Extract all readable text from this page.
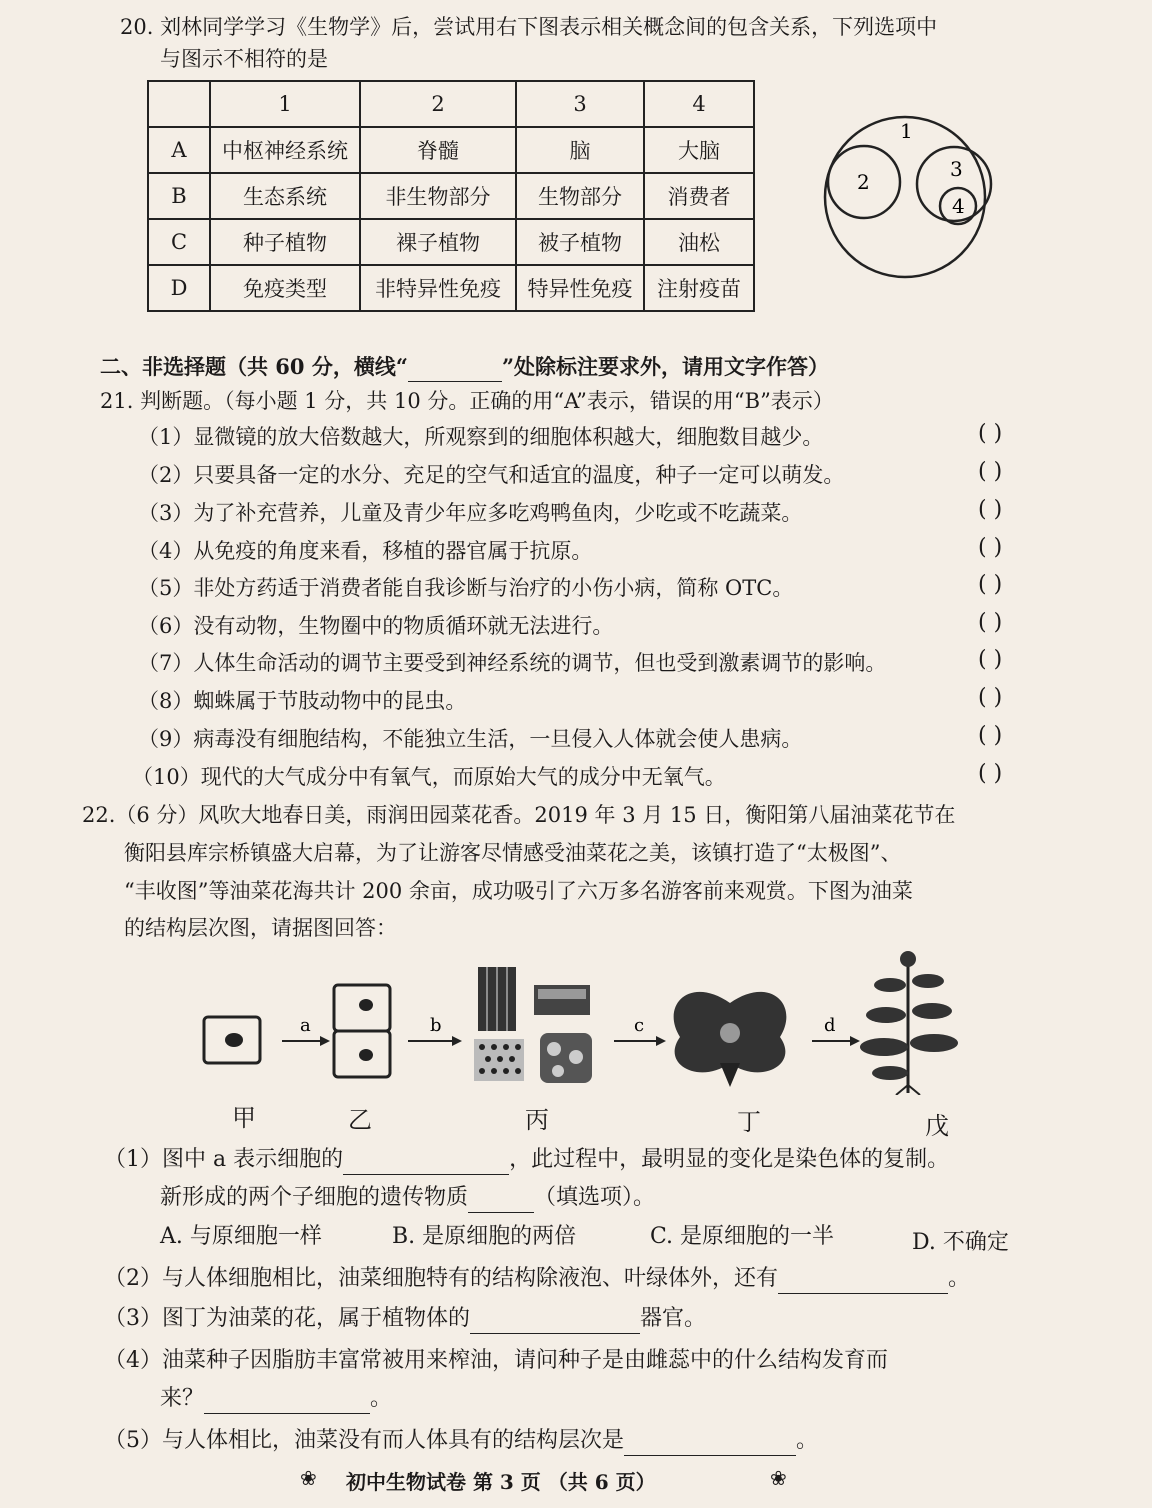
20. 刘林同学学习《生物学》后，尝试用右下图表示相关概念间的包含关系，下列选项中
与图示不相符的是
	1	2	3	4
A	中枢神经系统	脊髓	脑	大脑
B	生态系统	非生物部分	生物部分	消费者
C	种子植物	裸子植物	被子植物	油松
D	免疫类型	非特异性免疫	特异性免疫	注射疫苗
1
2
3
4
二、非选择题（共 60 分，横线“	”处除标注要求外，请用文字作答）
21. 判断题。（每小题 1 分，共 10 分。正确的用“A”表示，错误的用“B”表示）
（1）显微镜的放大倍数越大，所观察到的细胞体积越大，细胞数目越少。	( )
（2）只要具备一定的水分、充足的空气和适宜的温度，种子一定可以萌发。	( )
（3）为了补充营养，儿童及青少年应多吃鸡鸭鱼肉，少吃或不吃蔬菜。	( )
（4）从免疫的角度来看，移植的器官属于抗原。	( )
（5）非处方药适于消费者能自我诊断与治疗的小伤小病，简称 OTC。	( )
（6）没有动物，生物圈中的物质循环就无法进行。	( )
（7）人体生命活动的调节主要受到神经系统的调节，但也受到激素调节的影响。	( )
（8）蜘蛛属于节肢动物中的昆虫。	( )
（9）病毒没有细胞结构，不能独立生活，一旦侵入人体就会使人患病。	( )
（10）现代的大气成分中有氧气，而原始大气的成分中无氧气。	( )
22.（6 分）风吹大地春日美，雨润田园菜花香。2019 年 3 月 15 日，衡阳第八届油菜花节在
衡阳县库宗桥镇盛大启幕，为了让游客尽情感受油菜花之美，该镇打造了“太极图”、
“丰收图”等油菜花海共计 200 余亩，成功吸引了六万多名游客前来观赏。下图为油菜
的结构层次图，请据图回答：
a	b	c	d
甲	乙	丙	丁	戊
（1）图中 a 表示细胞的	，此过程中，最明显的变化是染色体的复制。
新形成的两个子细胞的遗传物质	（填选项）。
A. 与原细胞一样	B. 是原细胞的两倍	C. 是原细胞的一半	D. 不确定
（2）与人体细胞相比，油菜细胞特有的结构除液泡、叶绿体外，还有	。
（3）图丁为油菜的花，属于植物体的	器官。
（4）油菜种子因脂肪丰富常被用来榨油，请问种子是由雌蕊中的什么结构发育而
来？	。
（5）与人体相比，油菜没有而人体具有的结构层次是	。
❀ 初中生物试卷 第 3 页 （共 6 页）	❀
